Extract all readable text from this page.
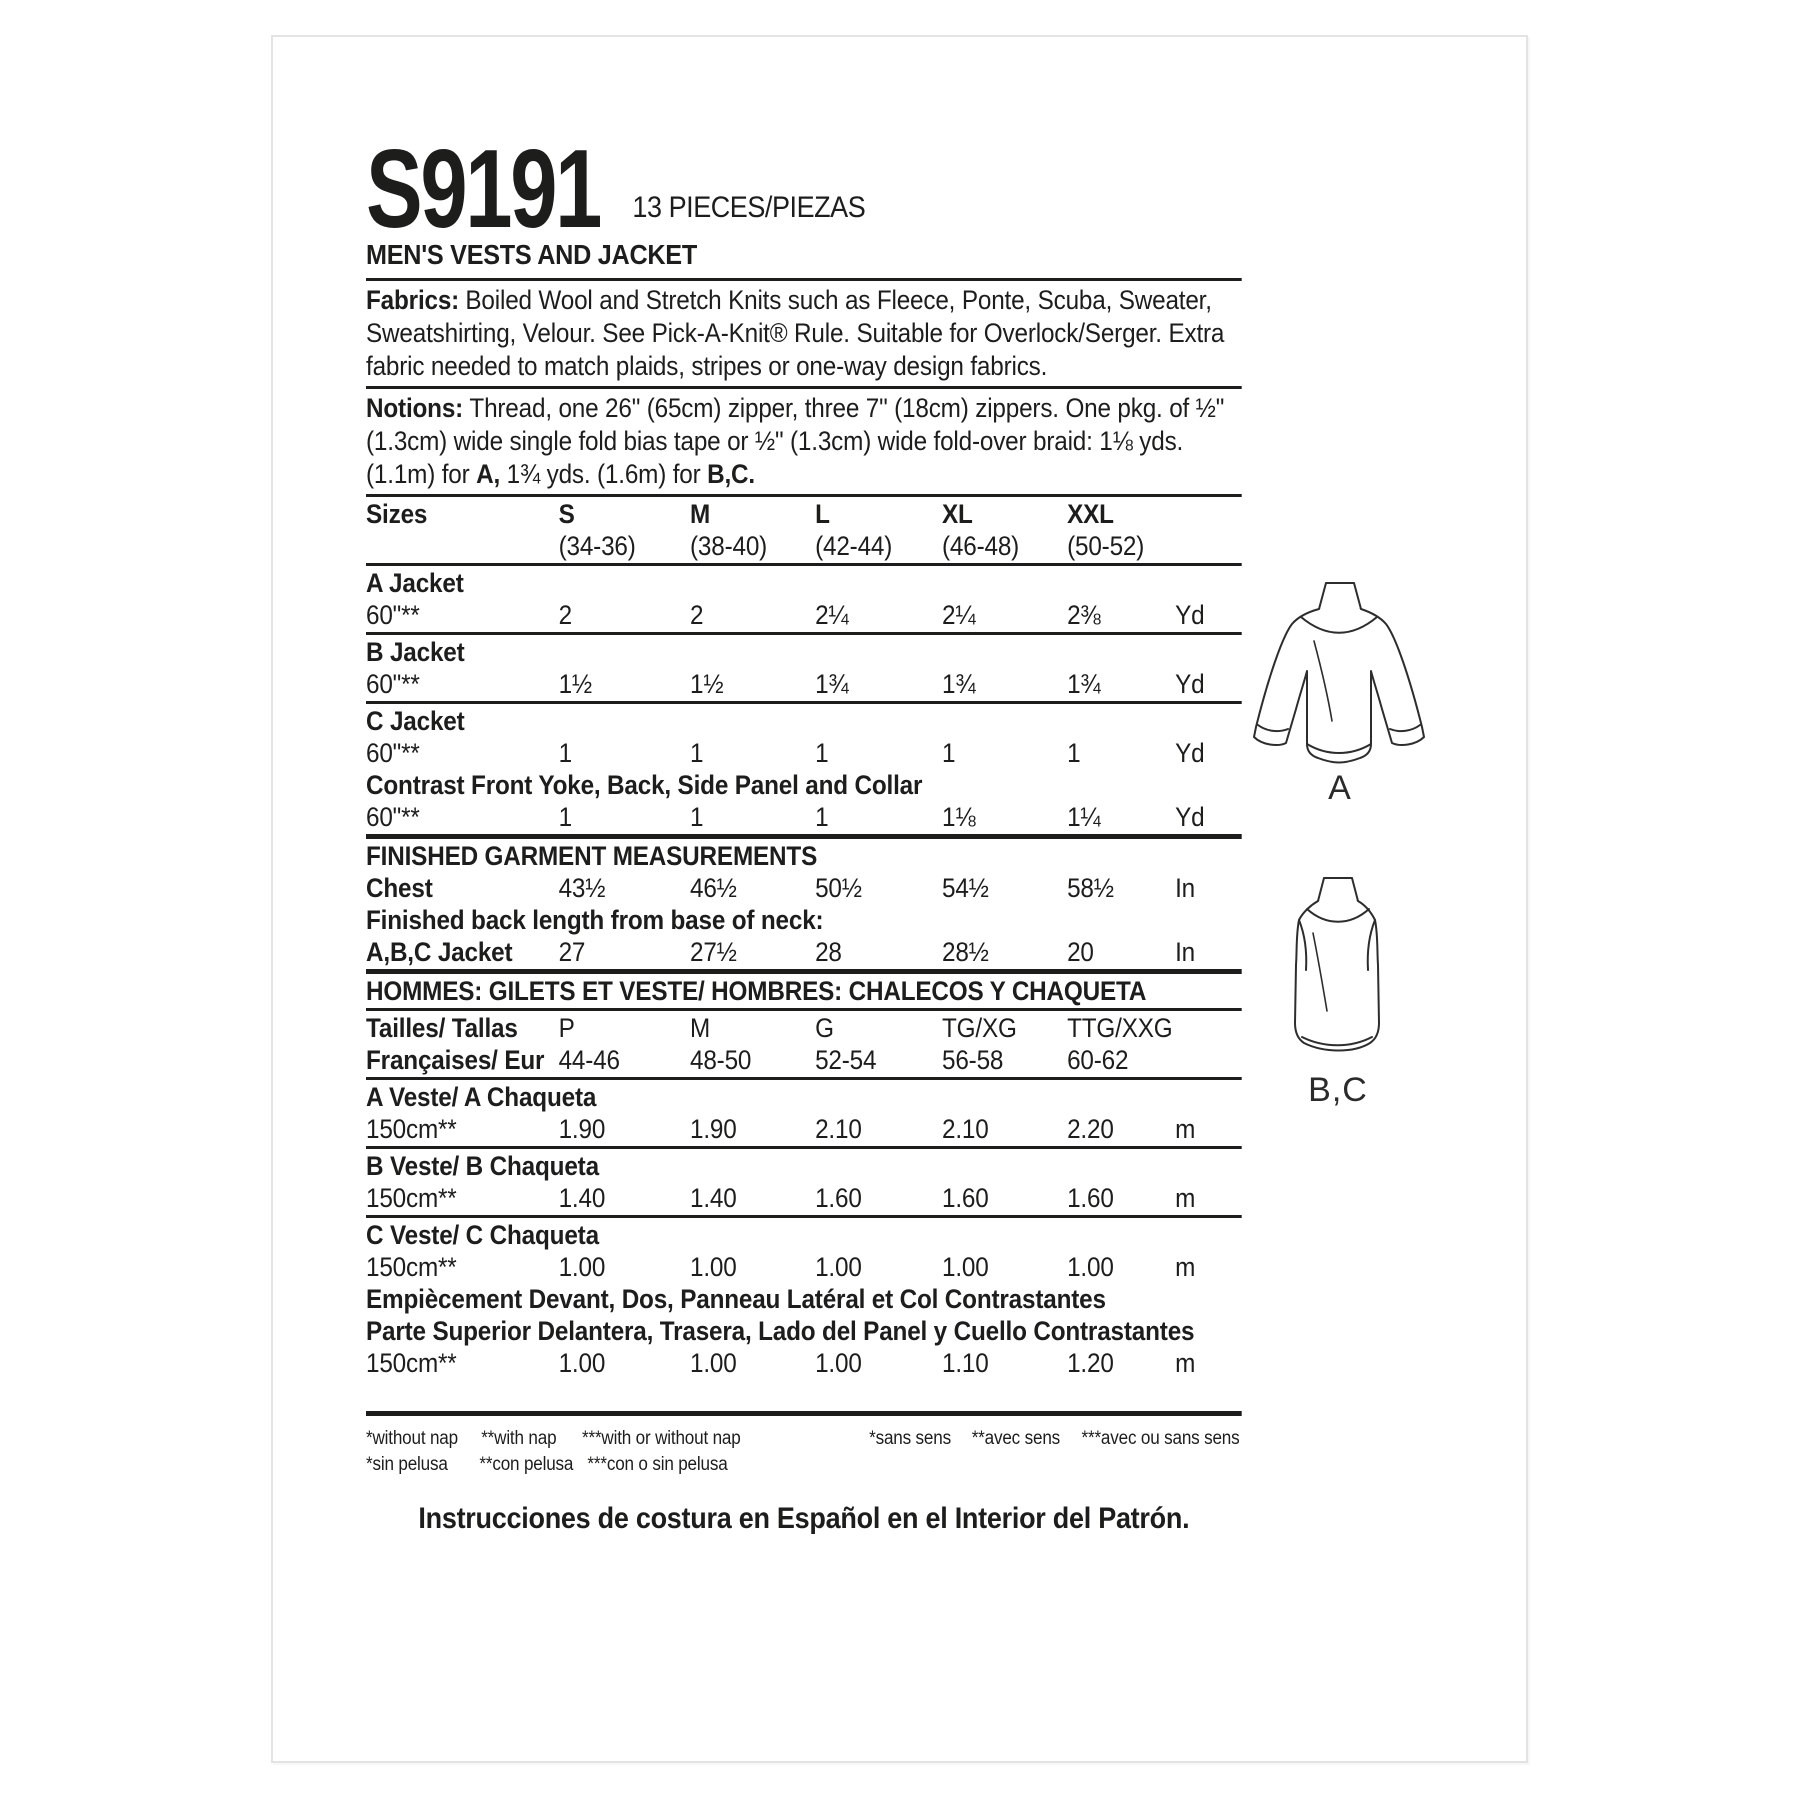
S9191 13 PIECES/PIEZAS
MEN'S VESTS AND JACKET

Fabrics: Boiled Wool and Stretch Knits such as Fleece, Ponte, Scuba, Sweater,
Sweatshirting, Velour. See Pick-A-Knit® Rule. Suitable for Overlock/Serger. Extra
fabric needed to match plaids, stripes or one-way design fabrics.

Notions: Thread, one 26" (65cm) zipper, three 7" (18cm) zippers. One pkg. of ½"
(1.3cm) wide single fold bias tape or ½" (1.3cm) wide fold-over braid: 1⅛ yds.
(1.1m) for A, 1¾ yds. (1.6m) for B,C.

Sizes	S	M	L	XL	XXL
(34-36)	(38-40)	(42-44)	(46-48)	(50-52)
A Jacket
60"**	2	2	2¼	2¼	2⅜	Yd
B Jacket
60"**	1½	1½	1¾	1¾	1¾	Yd
C Jacket
60"**	1	1	1	1	1	Yd
Contrast Front Yoke, Back, Side Panel and Collar
60"**	1	1	1	1⅛	1¼	Yd
FINISHED GARMENT MEASUREMENTS
Chest	43½	46½	50½	54½	58½	In
Finished back length from base of neck:
A,B,C Jacket	27	27½	28	28½	20	In
HOMMES: GILETS ET VESTE/ HOMBRES: CHALECOS Y CHAQUETA
Tailles/ Tallas	P	M	G	TG/XG	TTG/XXG
Françaises/ Eur 44-46	48-50	52-54	56-58	60-62
A Veste/ A Chaqueta
150cm**	1.90	1.90	2.10	2.10	2.20	m
B Veste/ B Chaqueta
150cm**	1.40	1.40	1.60	1.60	1.60	m
C Veste/ C Chaqueta
150cm**	1.00	1.00	1.00	1.00	1.00	m
Empiècement Devant, Dos, Panneau Latéral et Col Contrastantes
Parte Superior Delantera, Trasera, Lado del Panel y Cuello Contrastantes
150cm**	1.00	1.00	1.00	1.10	1.20	m
*without nap **with nap ***with or without nap	*sans sens **avec sens ***avec ou sans sens
*sin pelusa **con pelusa ***con o sin pelusa
Instrucciones de costura en Español en el Interior del Patrón.
A
B,C
